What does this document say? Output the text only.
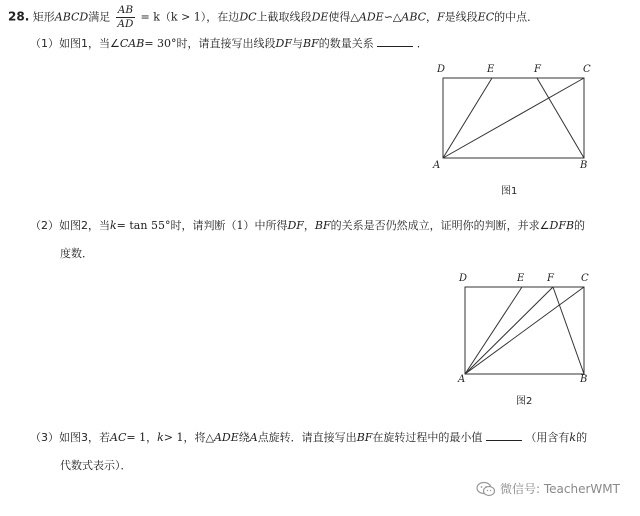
28. 矩形ABCD满足 $\frac{AB}{AD} = k(k > 1)$，在边DC上截取线段DE使得△ADE∽△ABC，F是线段EC的中点．
（1）如图1，当∠CAB= 30°时，请直接写出线段DF与BF的数量关系	．
D	E	F	C
A	B
图1
（2）如图2，当k= tan 55°时，请判断（1）中所得DF，BF的关系是否仍然成立，证明你的判断，并求∠DFB的
度数．
D	E F	C
A	B
图2
（3）如图3，若AC= 1，k> 1，将△ADE绕A点旋转．请直接写出BF在旋转过程中的最小值	（用含有k的
代数式表示）．
微信号: TeacherWMT
